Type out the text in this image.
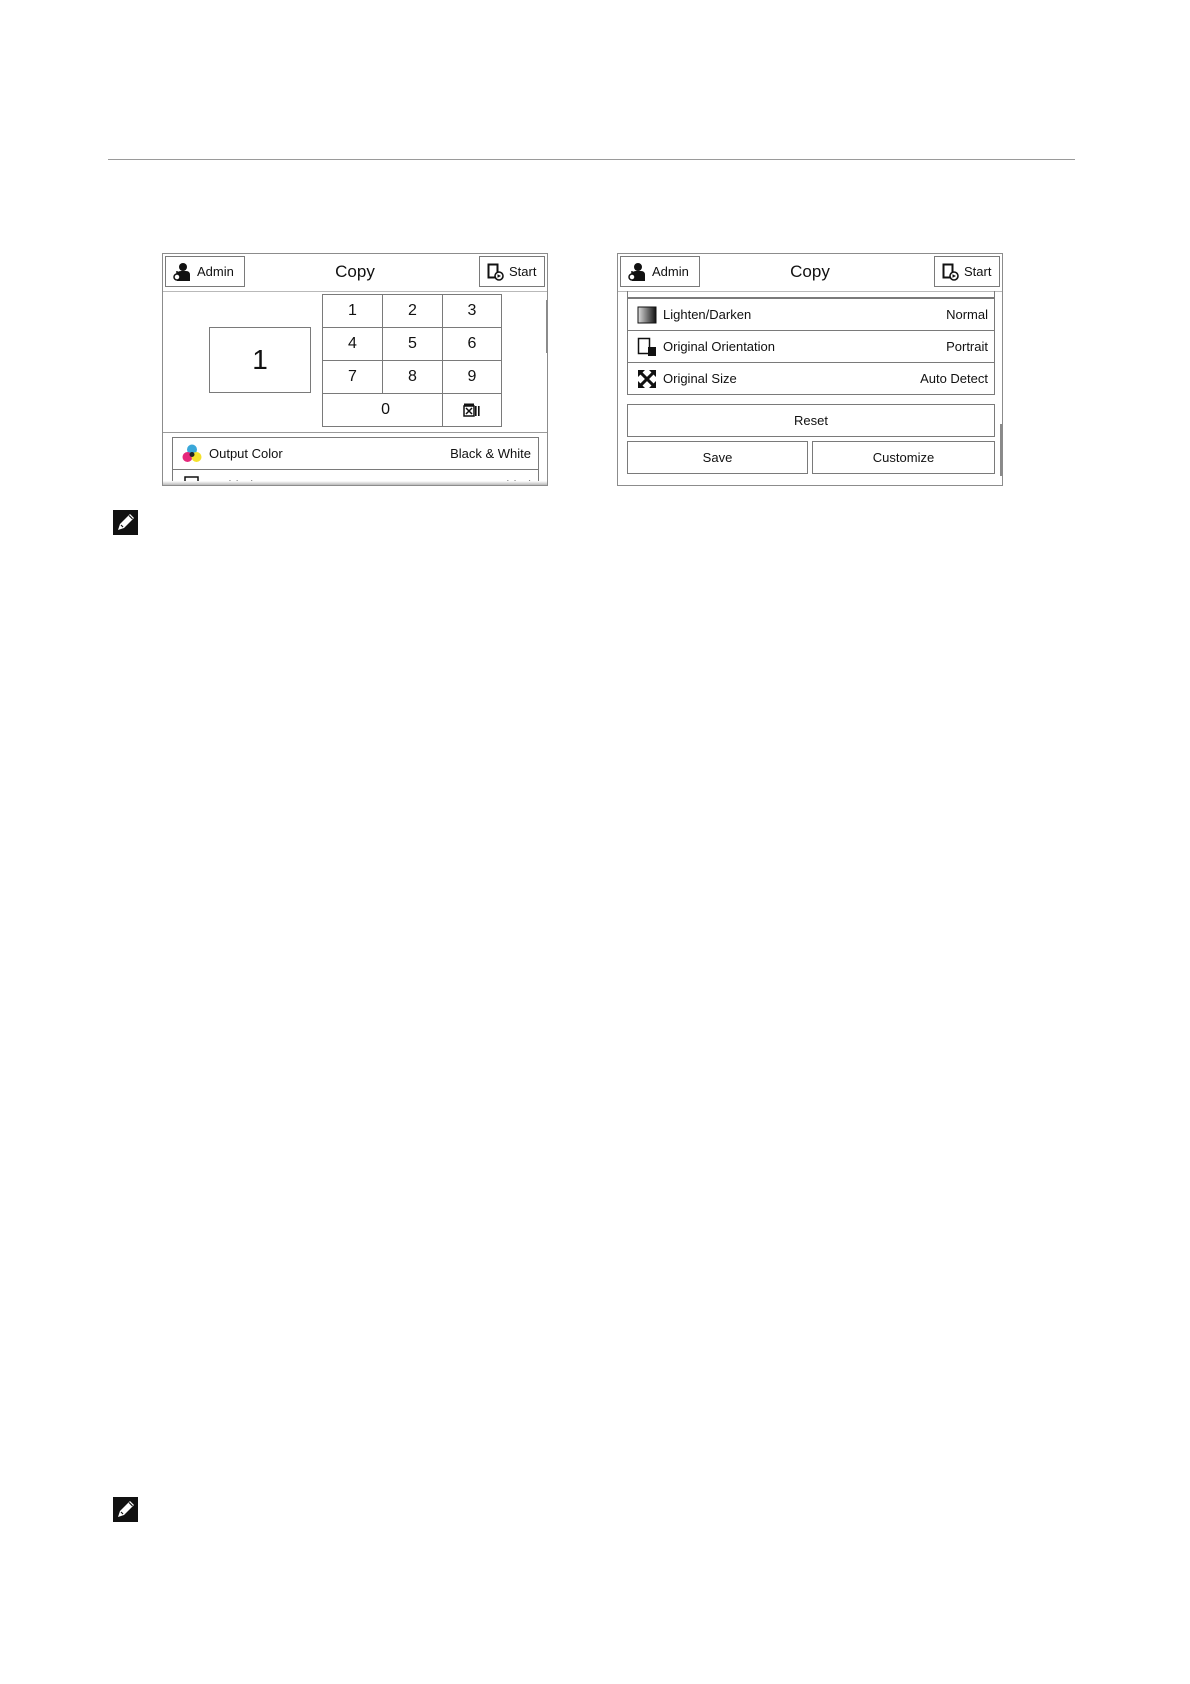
Admin	Copy	Start
1
1	2	3
4	5	6
7	8	9
0
Output Color	Black & White
Admin	Copy	Start
Lighten/Darken	Normal
Original Orientation	Portrait
Original Size	Auto Detect
Reset
Save	Customize
